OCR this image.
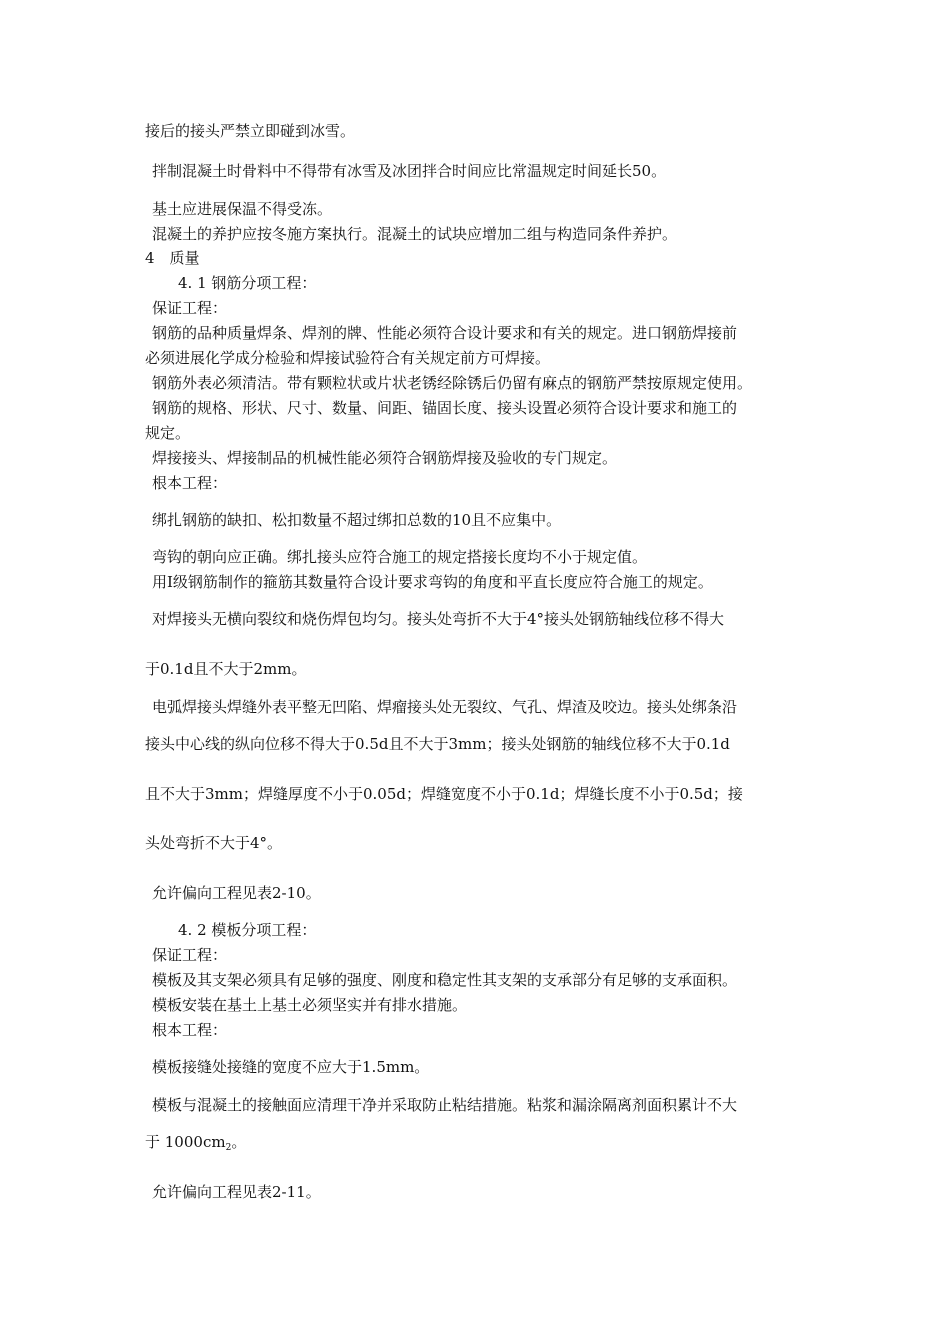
接后的接头严禁立即碰到冰雪。
拌制混凝土时骨料中不得带有冰雪及冰团拌合时间应比常温规定时间延长50。
基土应进展保温不得受冻。
混凝土的养护应按冬施方案执行。混凝土的试块应增加二组与构造同条件养护。
4　质量
4. 1 钢筋分项工程：
保证工程：
钢筋的品种质量焊条、焊剂的牌、性能必须符合设计要求和有关的规定。进口钢筋焊接前
必须进展化学成分检验和焊接试验符合有关规定前方可焊接。
钢筋外表必须清洁。带有颗粒状或片状老锈经除锈后仍留有麻点的钢筋严禁按原规定使用。
钢筋的规格、形状、尺寸、数量、间距、锚固长度、接头设置必须符合设计要求和施工的
规定。
焊接接头、焊接制品的机械性能必须符合钢筋焊接及验收的专门规定。
根本工程：
绑扎钢筋的缺扣、松扣数量不超过绑扣总数的10且不应集中。
弯钩的朝向应正确。绑扎接头应符合施工的规定搭接长度均不小于规定值。
用Ⅰ级钢筋制作的箍筋其数量符合设计要求弯钩的角度和平直长度应符合施工的规定。
对焊接头无横向裂纹和烧伤焊包均匀。接头处弯折不大于4°接头处钢筋轴线位移不得大
于0.1d且不大于2mm。
电弧焊接头焊缝外表平整无凹陷、焊瘤接头处无裂纹、气孔、焊渣及咬边。接头处绑条沿
接头中心线的纵向位移不得大于0.5d且不大于3mm；接头处钢筋的轴线位移不大于0.1d
且不大于3mm；焊缝厚度不小于0.05d；焊缝宽度不小于0.1d；焊缝长度不小于0.5d；接
头处弯折不大于4°。
允许偏向工程见表2-10。
4. 2 模板分项工程：
保证工程：
模板及其支架必须具有足够的强度、刚度和稳定性其支架的支承部分有足够的支承面积。
模板安装在基土上基土必须坚实并有排水措施。
根本工程：
模板接缝处接缝的宽度不应大于1.5mm。
模板与混凝土的接触面应清理干净并采取防止粘结措施。粘浆和漏涂隔离剂面积累计不大
于 $1000cm_2$。
允许偏向工程见表2-11。
